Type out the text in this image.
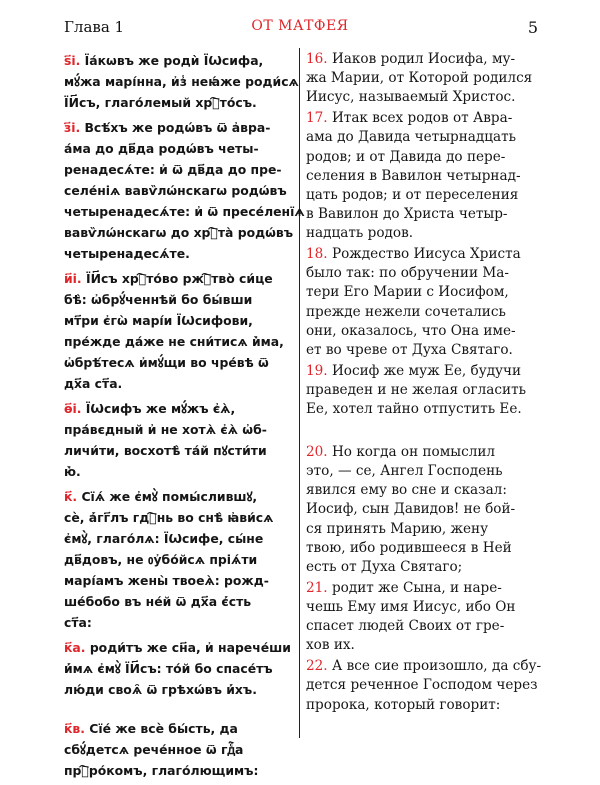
Глава 1	ОТ МАТФЕЯ	5
ѕ҃і. Їа́кѡвъ же родѝ ЇѠсифа,
мꙋ́жа марі́нна, и҆з̾ неꙗ́же роди́сѧ
ЇИ҃съ, глаго́лемый хрⷭ҇то́съ.
з҃і. Всѣ́хъ же родѡ́въ ѿ а҆вра-
а́ма до дв҃да родѡ́въ четы-
ренадесѧ́те: и҆ ѿ дв҃да до пре-
селе́ніѧ вавѷлѡ́нскагѡ родѡ́въ
четыренадесѧ́те: и҆ ѿ пресе́ленїѧ
вавѷлѡ́нскагѡ до хрⷭ҇та̀ родѡ́въ
четыренадесѧ́те.
и҃і. ЇИ҃съ хрⷭ҇то́во ржⷭ҇тво̀ си́це
бѣ̀: ѡ҆брꙋ́ченнѣй бо бы́вши
мт҃ри є҆гѡ̀ марі́и ЇѠсифови,
пре́жде да́же не сни́тисѧ и҆̀ма,
ѡ҆брѣ́тесѧ и҆мꙋ́щи во чре́вѣ ѿ
дх҃а ст҃а.
ѳ҃і. ЇѠсифъ же мꙋ́жъ є҆ѧ̀,
пра́вєдный и҆ не хотѧ̀ є҆ѧ̀ ѡ҆б-
личи́ти, восхотѣ̀ та́й пꙋсти́ти
ю҆̀.
к҃. Сїѧ́ же є҆мꙋ̀ помы́слившꙋ,
сѐ, а҆́гг҃лъ гдⷭ҇нь во снѣ̀ ꙗ҆ви́сѧ
є҆мꙋ̀, глаго́лѧ: ЇѠсифе, сы́не
дв҃довъ, не ᲂу҆бо́йсѧ пріѧ́ти
марі́амъ жены̀ твоеѧ̀: рожд-
ше́бобо въ не́й ѿ дх҃а є҆́сть
ст҃а:
к҃а. роди́тъ же сн҃а, и҆ нарече́ши
и҆́мѧ є҆мꙋ̀ ЇИ҃съ: то́й бо спасе́тъ
лю́ди своѧ̑ ѿ грѣхѡ́въ и҆́хъ.
к҃в. Сїе́ же всѐ бы́сть, да
сбꙋ́детсѧ рече́нное ѿ гдⷭ҇а
прⷪ҇ро́комъ, глаго́лющимъ:
16. Иаков родил Иосифа, му-
жа Марии, от Которой родился
Иисус, называемый Христос.
17. Итак всех родов от Авра-
ама до Давида четырнадцать
родов; и от Давида до пере-
селения в Вавилон четырнад-
цать родов; и от переселения
в Вавилон до Христа четыр-
надцать родов.
18. Рождество Иисуса Христа
было так: по обручении Ма-
тери Его Марии с Иосифом,
прежде нежели сочетались
они, оказалось, что Она име-
ет во чреве от Духа Святаго.
19. Иосиф же муж Ее, будучи
праведен и не желая огласить
Ее, хотел тайно отпустить Ее.
20. Но когда он помыслил
это, — се, Ангел Господень
явился ему во сне и сказал:
Иосиф, сын Давидов! не бой-
ся принять Марию, жену
твою, ибо родившееся в Ней
есть от Духа Святаго;
21. родит же Сына, и наре-
чешь Ему имя Иисус, ибо Он
спасет людей Своих от гре-
хов их.
22. А все сие произошло, да сбу-
дется реченное Господом через
пророка, который говорит:
